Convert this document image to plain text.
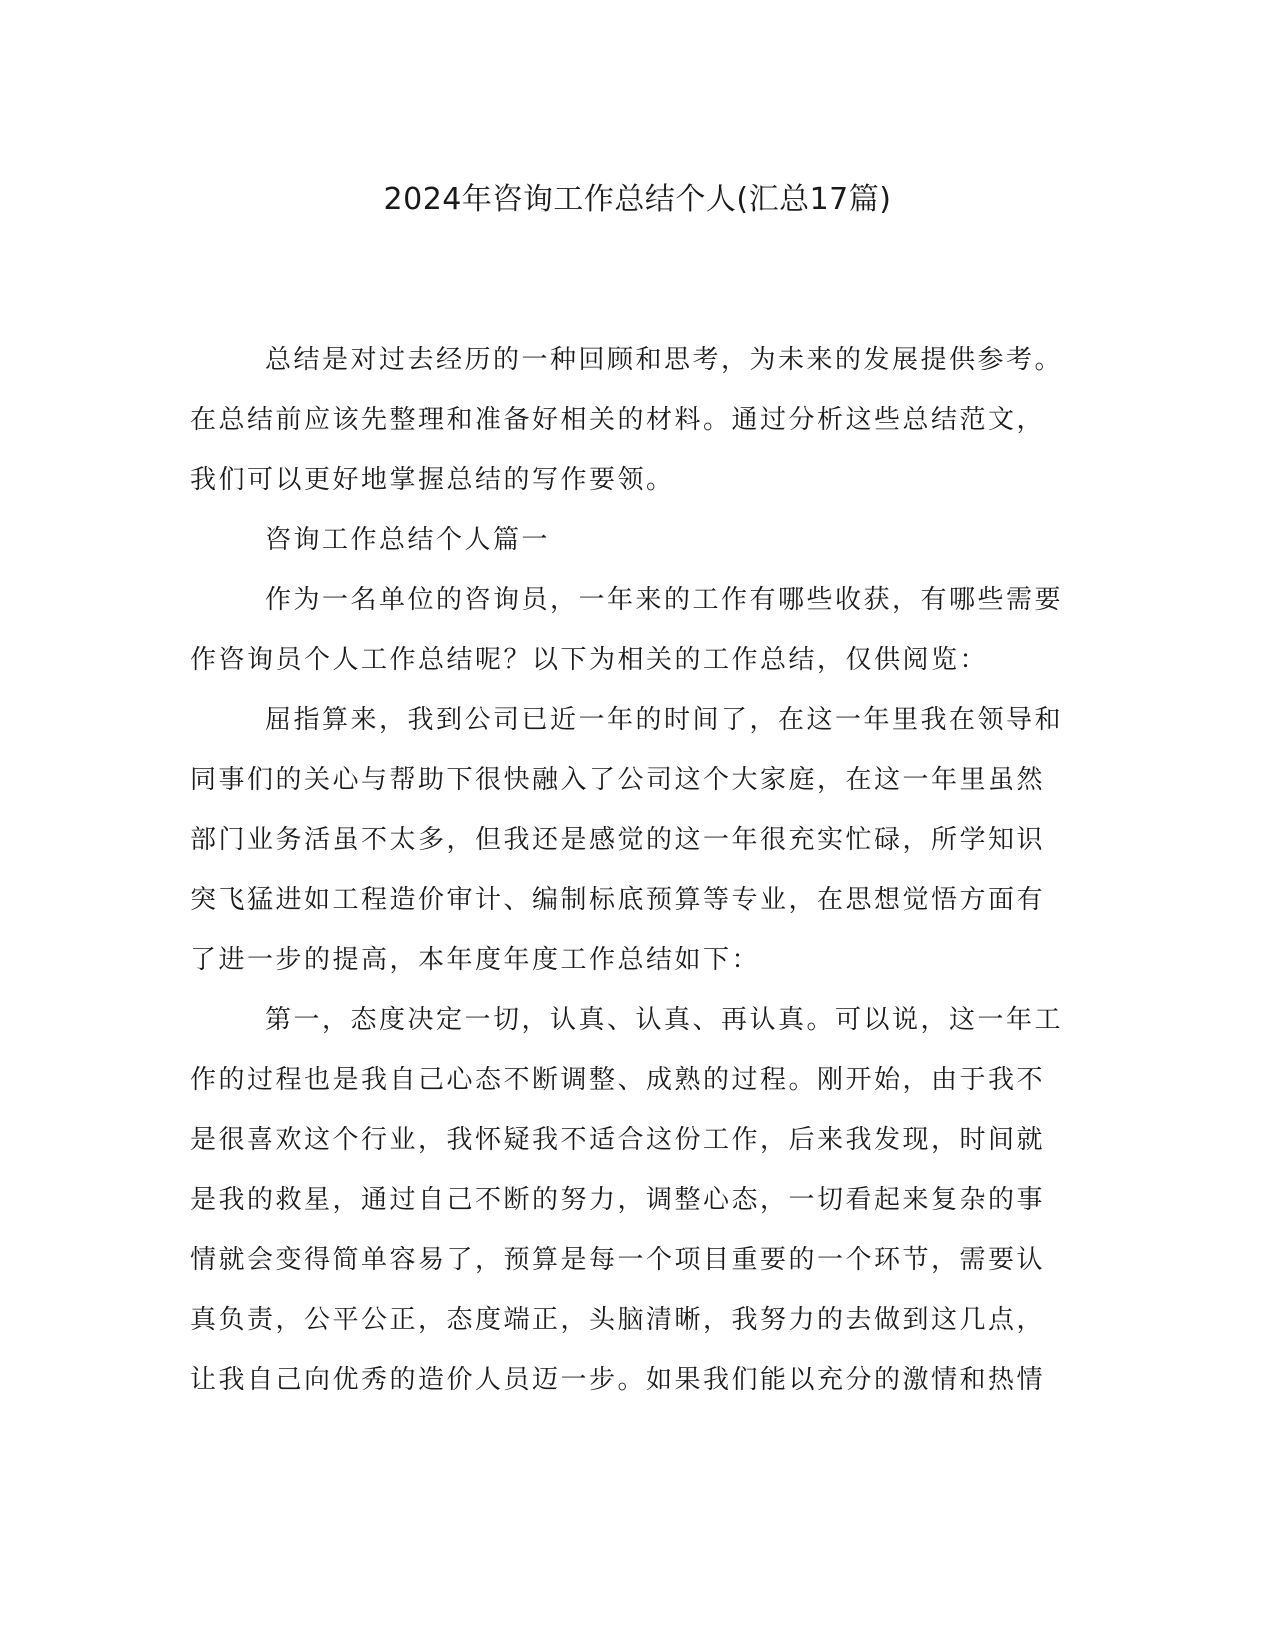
2024年咨询工作总结个人(汇总17篇)
总结是对过去经历的一种回顾和思考，为未来的发展提供参考。
在总结前应该先整理和准备好相关的材料。通过分析这些总结范文，
我们可以更好地掌握总结的写作要领。
咨询工作总结个人篇一
作为一名单位的咨询员，一年来的工作有哪些收获，有哪些需要
作咨询员个人工作总结呢？以下为相关的工作总结，仅供阅览：
屈指算来，我到公司已近一年的时间了，在这一年里我在领导和
同事们的关心与帮助下很快融入了公司这个大家庭，在这一年里虽然
部门业务活虽不太多，但我还是感觉的这一年很充实忙碌，所学知识
突飞猛进如工程造价审计、编制标底预算等专业，在思想觉悟方面有
了进一步的提高，本年度年度工作总结如下：
第一，态度决定一切，认真、认真、再认真。可以说，这一年工
作的过程也是我自己心态不断调整、成熟的过程。刚开始，由于我不
是很喜欢这个行业，我怀疑我不适合这份工作，后来我发现，时间就
是我的救星，通过自己不断的努力，调整心态，一切看起来复杂的事
情就会变得简单容易了，预算是每一个项目重要的一个环节，需要认
真负责，公平公正，态度端正，头脑清晰，我努力的去做到这几点，
让我自己向优秀的造价人员迈一步。如果我们能以充分的激情和热情
